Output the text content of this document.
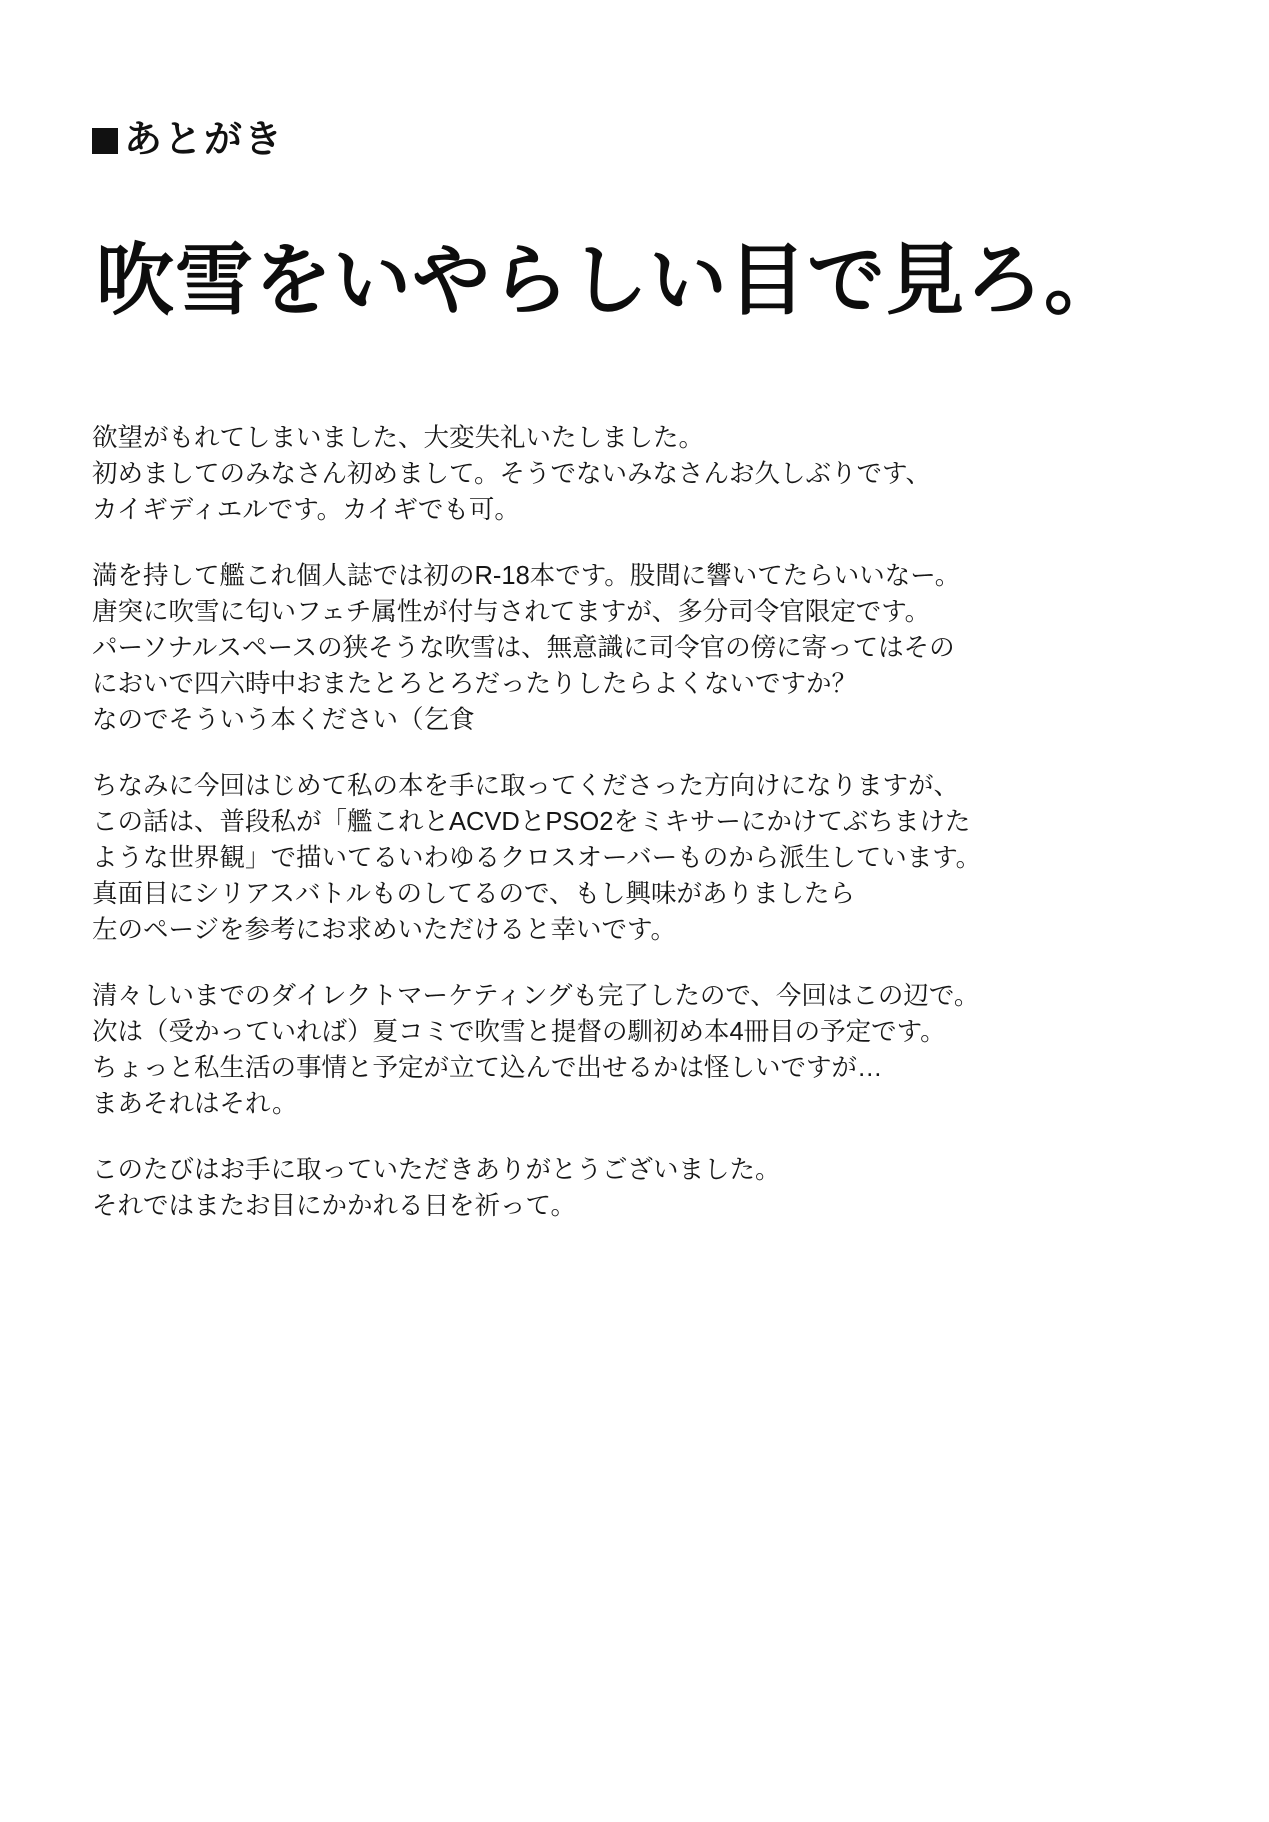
あとがき
吹雪をいやらしい目で見ろ。

欲望がもれてしまいました、大変失礼いたしました。
初めましてのみなさん初めまして。そうでないみなさんお久しぶりです、
カイギディエルです。カイギでも可。

満を持して艦これ個人誌では初のR-18本です。股間に響いてたらいいなー。
唐突に吹雪に匂いフェチ属性が付与されてますが、多分司令官限定です。
パーソナルスペースの狭そうな吹雪は、無意識に司令官の傍に寄ってはその
においで四六時中おまたとろとろだったりしたらよくないですか？
なのでそういう本ください（乞食

ちなみに今回はじめて私の本を手に取ってくださった方向けになりますが、
この話は、普段私が「艦これとACVDとPSO2をミキサーにかけてぶちまけた
ような世界観」で描いてるいわゆるクロスオーバーものから派生しています。
真面目にシリアスバトルものしてるので、もし興味がありましたら
左のページを参考にお求めいただけると幸いです。

清々しいまでのダイレクトマーケティングも完了したので、今回はこの辺で。
次は（受かっていれば）夏コミで吹雪と提督の馴初め本4冊目の予定です。
ちょっと私生活の事情と予定が立て込んで出せるかは怪しいですが…
まあそれはそれ。

このたびはお手に取っていただきありがとうございました。
それではまたお目にかかれる日を祈って。
